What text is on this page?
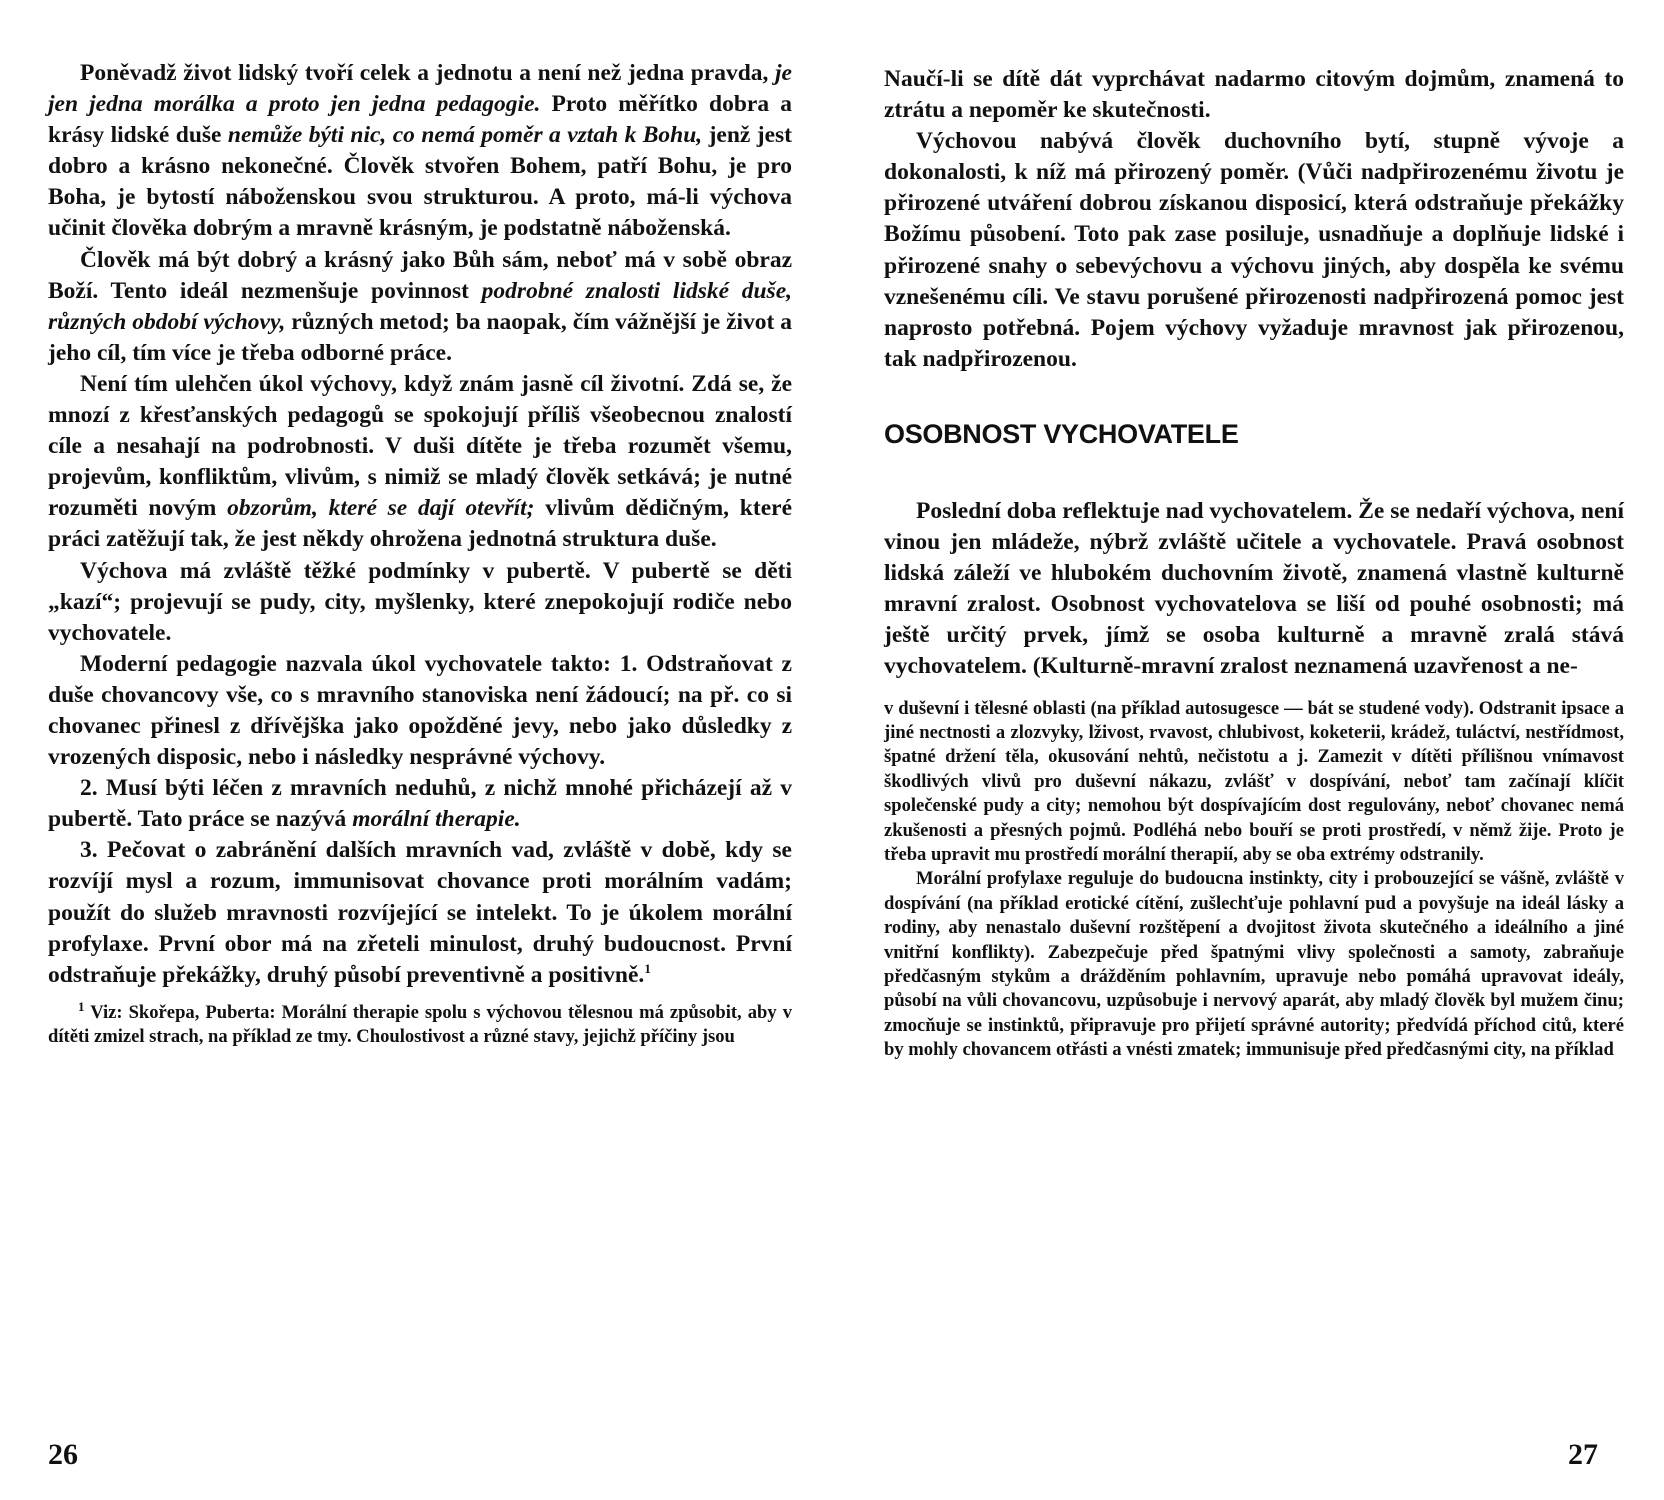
Poněvadž život lidský tvoří celek a jednotu a není než jedna pravda, je jen jedna morálka a proto jen jedna pedagogie. Proto měřítko dobra a krásy lidské duše nemůže býti nic, co nemá poměr a vztah k Bohu, jenž jest dobro a krásno nekonečné. Člověk stvořen Bohem, patří Bohu, je pro Boha, je bytostí náboženskou svou strukturou. A proto, má-li výchova učinit člověka dobrým a mravně krásným, je podstatně náboženská.

Člověk má být dobrý a krásný jako Bůh sám, neboť má v sobě obraz Boží. Tento ideál nezmenšuje povinnost podrobné znalosti lidské duše, různých období výchovy, různých metod; ba naopak, čím vážnější je život a jeho cíl, tím více je třeba odborné práce.

Není tím ulehčen úkol výchovy, když znám jasně cíl životní. Zdá se, že mnozí z křesťanských pedagogů se spokojují příliš všeobecnou znalostí cíle a nesahají na podrobnosti. V duši dítěte je třeba rozumět všemu, projevům, konfliktům, vlivům, s nimiž se mladý člověk setkává; je nutné rozuměti novým obzorům, které se dají otevřít; vlivům dědičným, které práci zatěžují tak, že jest někdy ohrožena jednotná struktura duše.

Výchova má zvláště těžké podmínky v pubertě. V pubertě se děti „kazí“; projevují se pudy, city, myšlenky, které znepokojují rodiče nebo vychovatele.

Moderní pedagogie nazvala úkol vychovatele takto: 1. Odstraňovat z duše chovancovy vše, co s mravního stanoviska není žádoucí; na př. co si chovanec přinesl z dřívějška jako opožděné jevy, nebo jako důsledky z vrozených disposic, nebo i následky nesprávné výchovy.

2. Musí býti léčen z mravních neduhů, z nichž mnohé přicházejí až v pubertě. Tato práce se nazývá morální therapie.

3. Pečovat o zabránění dalších mravních vad, zvláště v době, kdy se rozvíjí mysl a rozum, immunisovat chovance proti morálním vadám; použít do služeb mravnosti rozvíjející se intelekt. To je úkolem morální profylaxe. První obor má na zřeteli minulost, druhý budoucnost. První odstraňuje překážky, druhý působí preventivně a positivně.$^1$

$^1$ Viz: Skořepa, Puberta: Morální therapie spolu s výchovou tělesnou má způsobit, aby v dítěti zmizel strach, na příklad ze tmy. Choulostivost a různé stavy, jejichž příčiny jsou

26

Naučí-li se dítě dát vyprchávat nadarmo citovým dojmům, znamená to ztrátu a nepoměr ke skutečnosti.

Výchovou nabývá člověk duchovního bytí, stupně vývoje a dokonalosti, k níž má přirozený poměr. (Vůči nadpřirozenému životu je přirozené utváření dobrou získanou disposicí, která odstraňuje překážky Božímu působení. Toto pak zase posiluje, usnadňuje a doplňuje lidské i přirozené snahy o sebevýchovu a výchovu jiných, aby dospěla ke svému vznešenému cíli. Ve stavu porušené přirozenosti nadpřirozená pomoc jest naprosto potřebná. Pojem výchovy vyžaduje mravnost jak přirozenou, tak nadpřirozenou.

OSOBNOST VYCHOVATELE

Poslední doba reflektuje nad vychovatelem. Že se nedaří výchova, není vinou jen mládeže, nýbrž zvláště učitele a vychovatele. Pravá osobnost lidská záleží ve hlubokém duchovním životě, znamená vlastně kulturně mravní zralost. Osobnost vychovatelova se liší od pouhé osobnosti; má ještě určitý prvek, jímž se osoba kulturně a mravně zralá stává vychovatelem. (Kulturně-mravní zralost neznamená uzavřenost a ne-

v duševní i tělesné oblasti (na příklad autosugesce — bát se studené vody). Odstranit ipsace a jiné nectnosti a zlozvyky, lživost, rvavost, chlubivost, koketerii, krádež, tuláctví, nestřídmost, špatné držení těla, okusování nehtů, nečistotu a j. Zamezit v dítěti přílišnou vnímavost škodlivých vlivů pro duševní nákazu, zvlášť v dospívání, neboť tam začínají klíčit společenské pudy a city; nemohou být dospívajícím dost regulovány, neboť chovanec nemá zkušenosti a přesných pojmů. Podléhá nebo bouří se proti prostředí, v němž žije. Proto je třeba upravit mu prostředí morální therapií, aby se oba extrémy odstranily.

Morální profylaxe reguluje do budoucna instinkty, city i probouzející se vášně, zvláště v dospívání (na příklad erotické cítění, zušlechťuje pohlavní pud a povyšuje na ideál lásky a rodiny, aby nenastalo duševní rozštěpení a dvojitost života skutečného a ideálního a jiné vnitřní konflikty). Zabezpečuje před špatnými vlivy společnosti a samoty, zabraňuje předčasným stykům a drážděním pohlavním, upravuje nebo pomáhá upravovat ideály, působí na vůli chovancovu, uzpůsobuje i nervový aparát, aby mladý člověk byl mužem činu; zmocňuje se instinktů, připravuje pro přijetí správné autority; předvídá příchod citů, které by mohly chovancem otřásti a vnésti zmatek; immunisuje před předčasnými city, na příklad

27
